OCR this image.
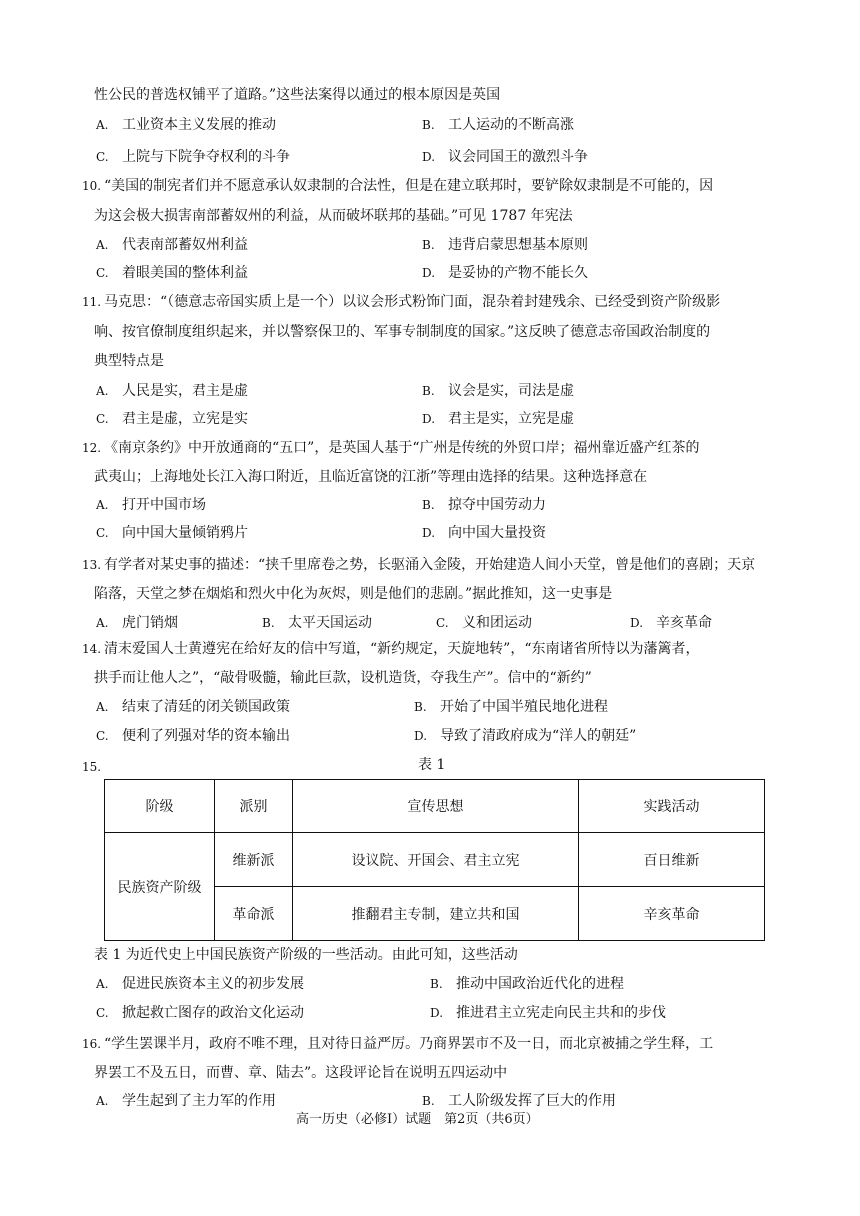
性公民的普选权铺平了道路。”这些法案得以通过的根本原因是英国
A. 工业资本主义发展的推动	B. 工人运动的不断高涨
C. 上院与下院争夺权利的斗争	D. 议会同国王的激烈斗争
10. “美国的制宪者们并不愿意承认奴隶制的合法性，但是在建立联邦时，要铲除奴隶制是不可能的，因
为这会极大损害南部蓄奴州的利益，从而破坏联邦的基础。”可见 1787 年宪法
A. 代表南部蓄奴州利益	B. 违背启蒙思想基本原则
C. 着眼美国的整体利益	D. 是妥协的产物不能长久
11. 马克思：“（德意志帝国实质上是一个）以议会形式粉饰门面，混杂着封建残余、已经受到资产阶级影
响、按官僚制度组织起来，并以警察保卫的、军事专制制度的国家。”这反映了德意志帝国政治制度的
典型特点是
A. 人民是实，君主是虚	B. 议会是实，司法是虚
C. 君主是虚，立宪是实	D. 君主是实，立宪是虚
12. 《南京条约》中开放通商的“五口”，是英国人基于“广州是传统的外贸口岸；福州靠近盛产红茶的
武夷山；上海地处长江入海口附近，且临近富饶的江浙”等理由选择的结果。这种选择意在
A. 打开中国市场	B. 掠夺中国劳动力
C. 向中国大量倾销鸦片	D. 向中国大量投资
13. 有学者对某史事的描述：“挟千里席卷之势，长驱涌入金陵，开始建造人间小天堂，曾是他们的喜剧；天京
陷落，天堂之梦在烟焰和烈火中化为灰烬，则是他们的悲剧。”据此推知，这一史事是
A. 虎门销烟	B. 太平天国运动	C. 义和团运动	D. 辛亥革命
14. 清末爱国人士黄遵宪在给好友的信中写道，“新约规定，天旋地转”，“东南诸省所恃以为藩篱者，
拱手而让他人之”，“敲骨吸髓，输此巨款，设机造货，夺我生产”。信中的“新约”
A. 结束了清廷的闭关锁国政策	B. 开始了中国半殖民地化进程
C. 便利了列强对华的资本输出	D. 导致了清政府成为“洋人的朝廷”
15.	表 1
阶级	派别	宣传思想	实践活动
民族资产阶级	维新派	设议院、开国会、君主立宪	百日维新
	革命派	推翻君主专制，建立共和国	辛亥革命
表 1 为近代史上中国民族资产阶级的一些活动。由此可知，这些活动
A. 促进民族资本主义的初步发展	B. 推动中国政治近代化的进程
C. 掀起救亡图存的政治文化运动	D. 推进君主立宪走向民主共和的步伐
16. “学生罢课半月，政府不唯不理，且对待日益严厉。乃商界罢市不及一日，而北京被捕之学生释，工
界罢工不及五日，而曹、章、陆去”。这段评论旨在说明五四运动中
A. 学生起到了主力军的作用	B. 工人阶级发挥了巨大的作用
高一历史（必修Ⅰ）试题　第2页（共6页）
